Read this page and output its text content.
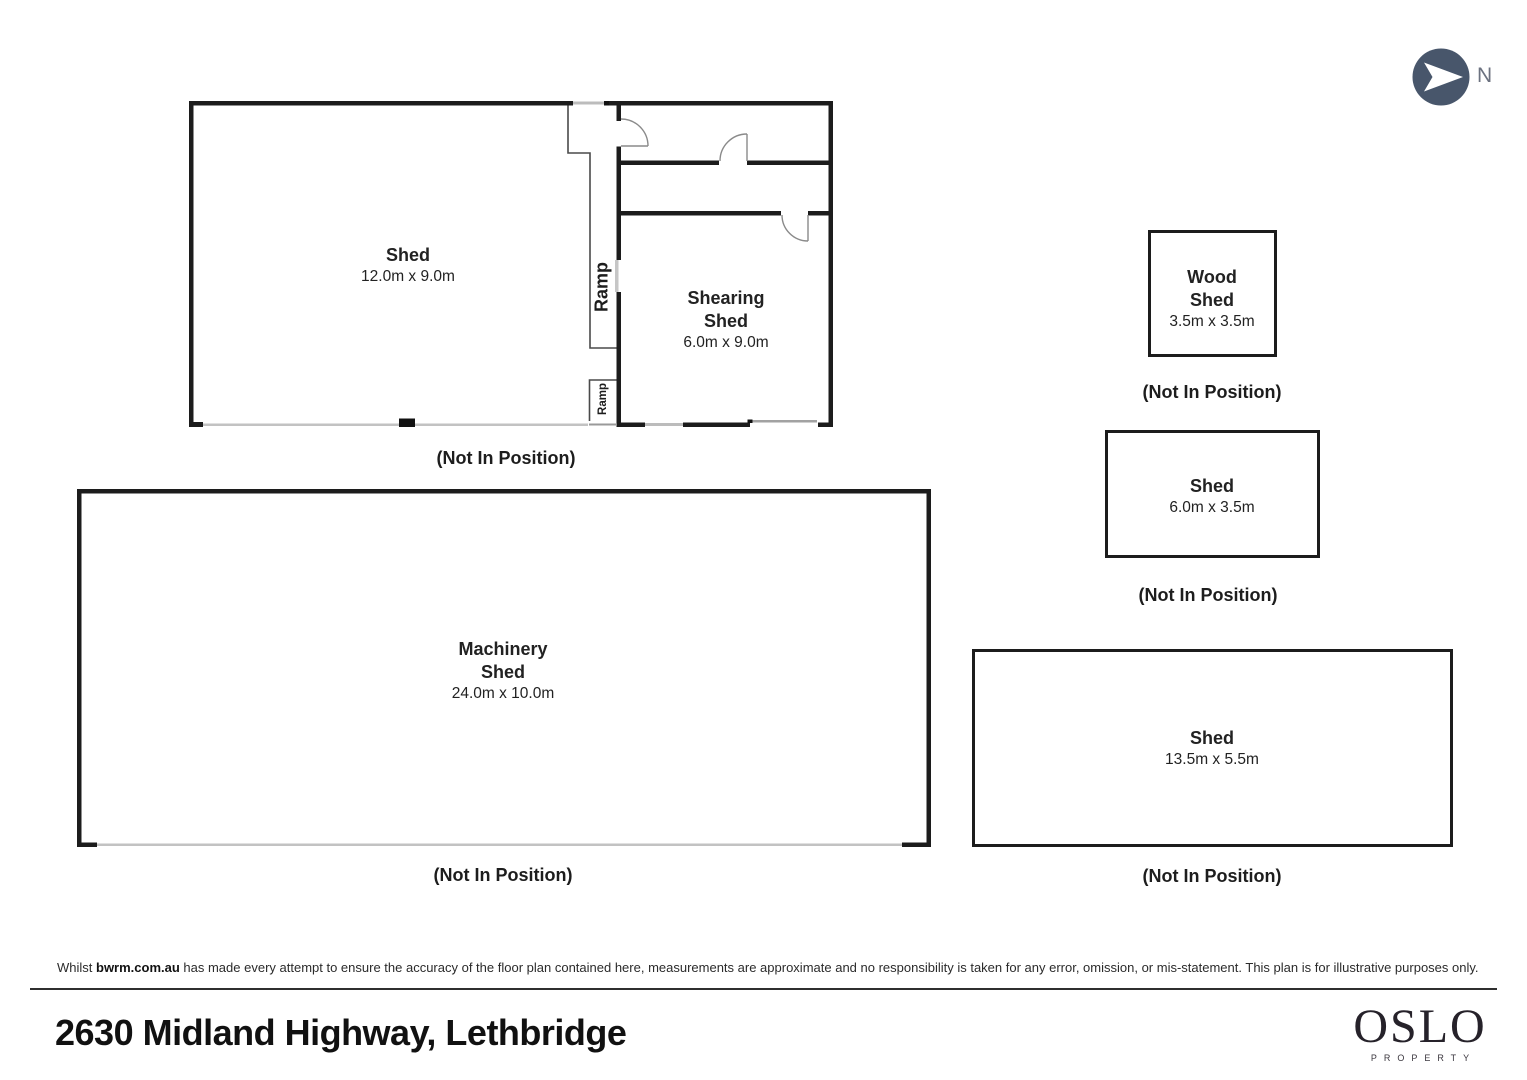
N
Shed
12.0m x 9.0m
Shearing
Shed
6.0m x 9.0m
Ramp
Ramp
(Not In Position)
Machinery
Shed
24.0m x 10.0m
(Not In Position)
Wood
Shed
3.5m x 3.5m
(Not In Position)
Shed
6.0m x 3.5m
(Not In Position)
Shed
13.5m x 5.5m
(Not In Position)
Whilst bwrm.com.au has made every attempt to ensure the accuracy of the floor plan contained here, measurements are approximate and no responsibility is taken for any error, omission, or mis-statement. This plan is for illustrative purposes only.
2630 Midland Highway, Lethbridge	OSLO
PROPERTY
